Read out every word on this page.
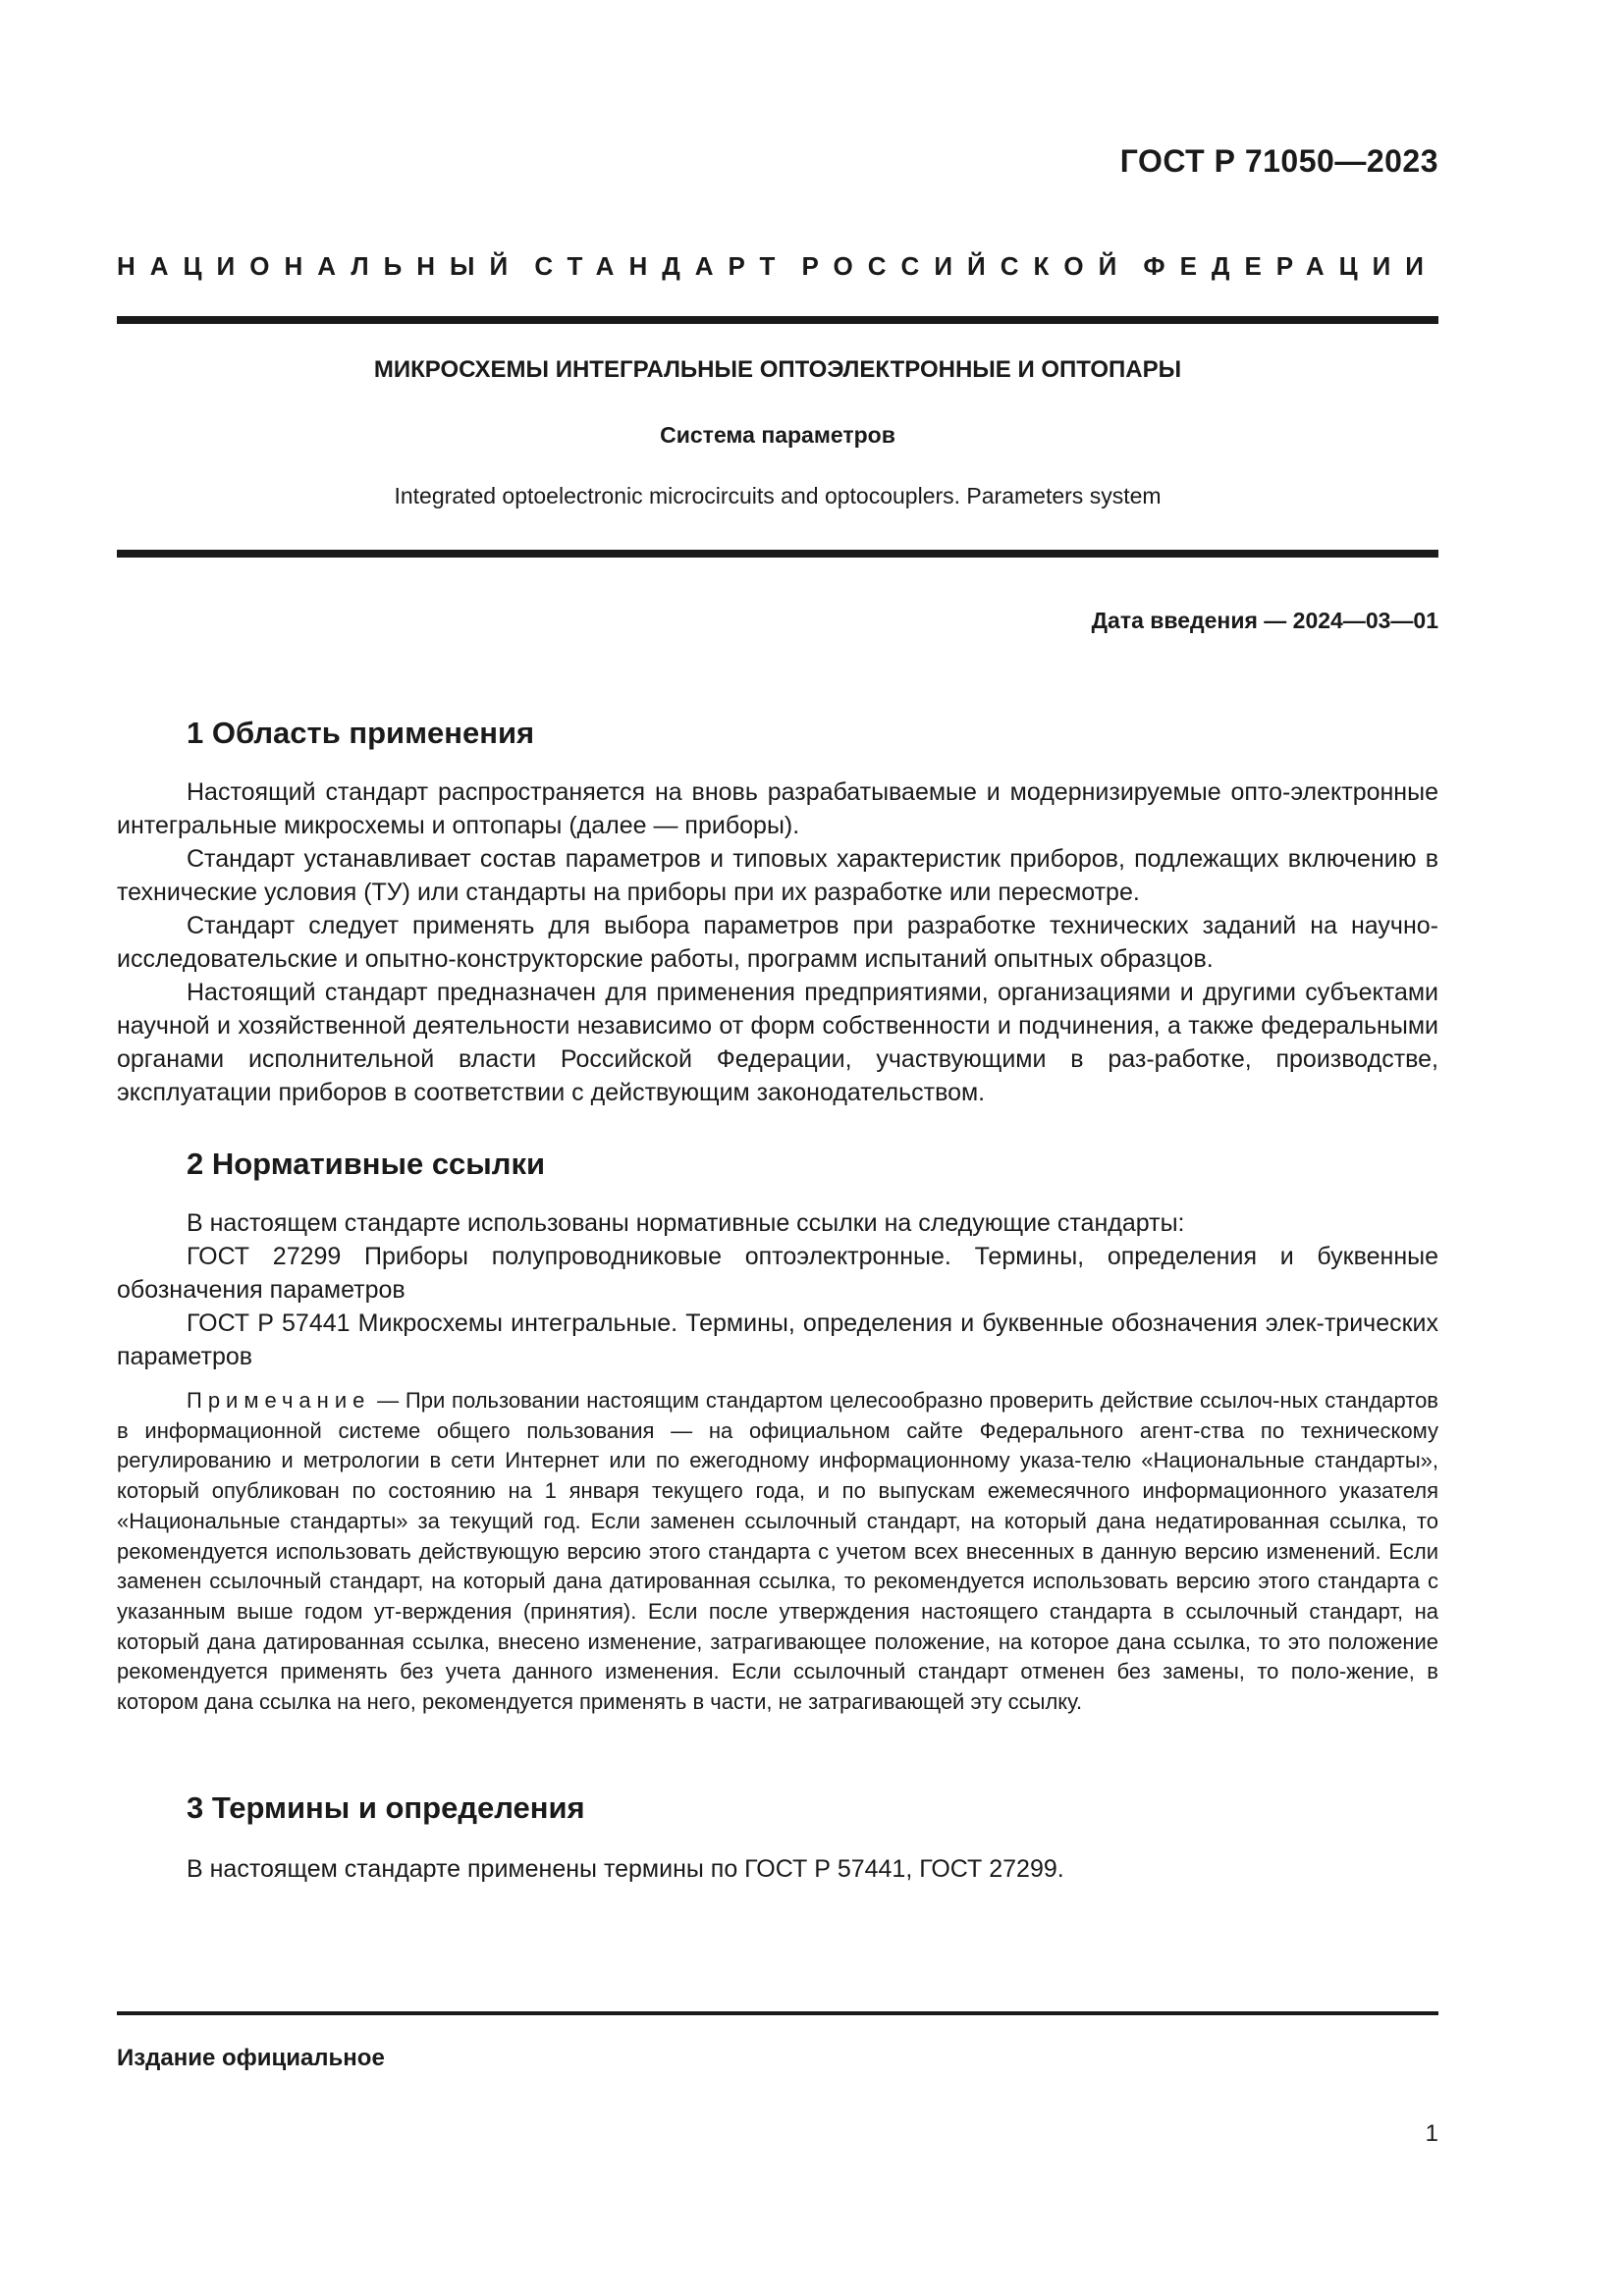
ГОСТ Р 71050—2023
НАЦИОНАЛЬНЫЙ СТАНДАРТ РОССИЙСКОЙ ФЕДЕРАЦИИ
МИКРОСХЕМЫ ИНТЕГРАЛЬНЫЕ ОПТОЭЛЕКТРОННЫЕ И ОПТОПАРЫ
Система параметров
Integrated optoelectronic microcircuits and optocouplers. Parameters system
Дата введения — 2024—03—01
1 Область применения
Настоящий стандарт распространяется на вновь разрабатываемые и модернизируемые опто-электронные интегральные микросхемы и оптопары (далее — приборы).
Стандарт устанавливает состав параметров и типовых характеристик приборов, подлежащих включению в технические условия (ТУ) или стандарты на приборы при их разработке или пересмотре.
Стандарт следует применять для выбора параметров при разработке технических заданий на научно-исследовательские и опытно-конструкторские работы, программ испытаний опытных образцов.
Настоящий стандарт предназначен для применения предприятиями, организациями и другими субъектами научной и хозяйственной деятельности независимо от форм собственности и подчинения, а также федеральными органами исполнительной власти Российской Федерации, участвующими в раз-работке, производстве, эксплуатации приборов в соответствии с действующим законодательством.
2 Нормативные ссылки
В настоящем стандарте использованы нормативные ссылки на следующие стандарты:
ГОСТ 27299 Приборы полупроводниковые оптоэлектронные. Термины, определения и буквенные обозначения параметров
ГОСТ Р 57441 Микросхемы интегральные. Термины, определения и буквенные обозначения элек-трических параметров
Примечание — При пользовании настоящим стандартом целесообразно проверить действие ссылоч-ных стандартов в информационной системе общего пользования — на официальном сайте Федерального агент-ства по техническому регулированию и метрологии в сети Интернет или по ежегодному информационному указа-телю «Национальные стандарты», который опубликован по состоянию на 1 января текущего года, и по выпускам ежемесячного информационного указателя «Национальные стандарты» за текущий год. Если заменен ссылочный стандарт, на который дана недатированная ссылка, то рекомендуется использовать действующую версию этого стандарта с учетом всех внесенных в данную версию изменений. Если заменен ссылочный стандарт, на который дана датированная ссылка, то рекомендуется использовать версию этого стандарта с указанным выше годом ут-верждения (принятия). Если после утверждения настоящего стандарта в ссылочный стандарт, на который дана датированная ссылка, внесено изменение, затрагивающее положение, на которое дана ссылка, то это положение рекомендуется применять без учета данного изменения. Если ссылочный стандарт отменен без замены, то поло-жение, в котором дана ссылка на него, рекомендуется применять в части, не затрагивающей эту ссылку.
3 Термины и определения
В настоящем стандарте применены термины по ГОСТ Р 57441, ГОСТ 27299.
Издание официальное
1
